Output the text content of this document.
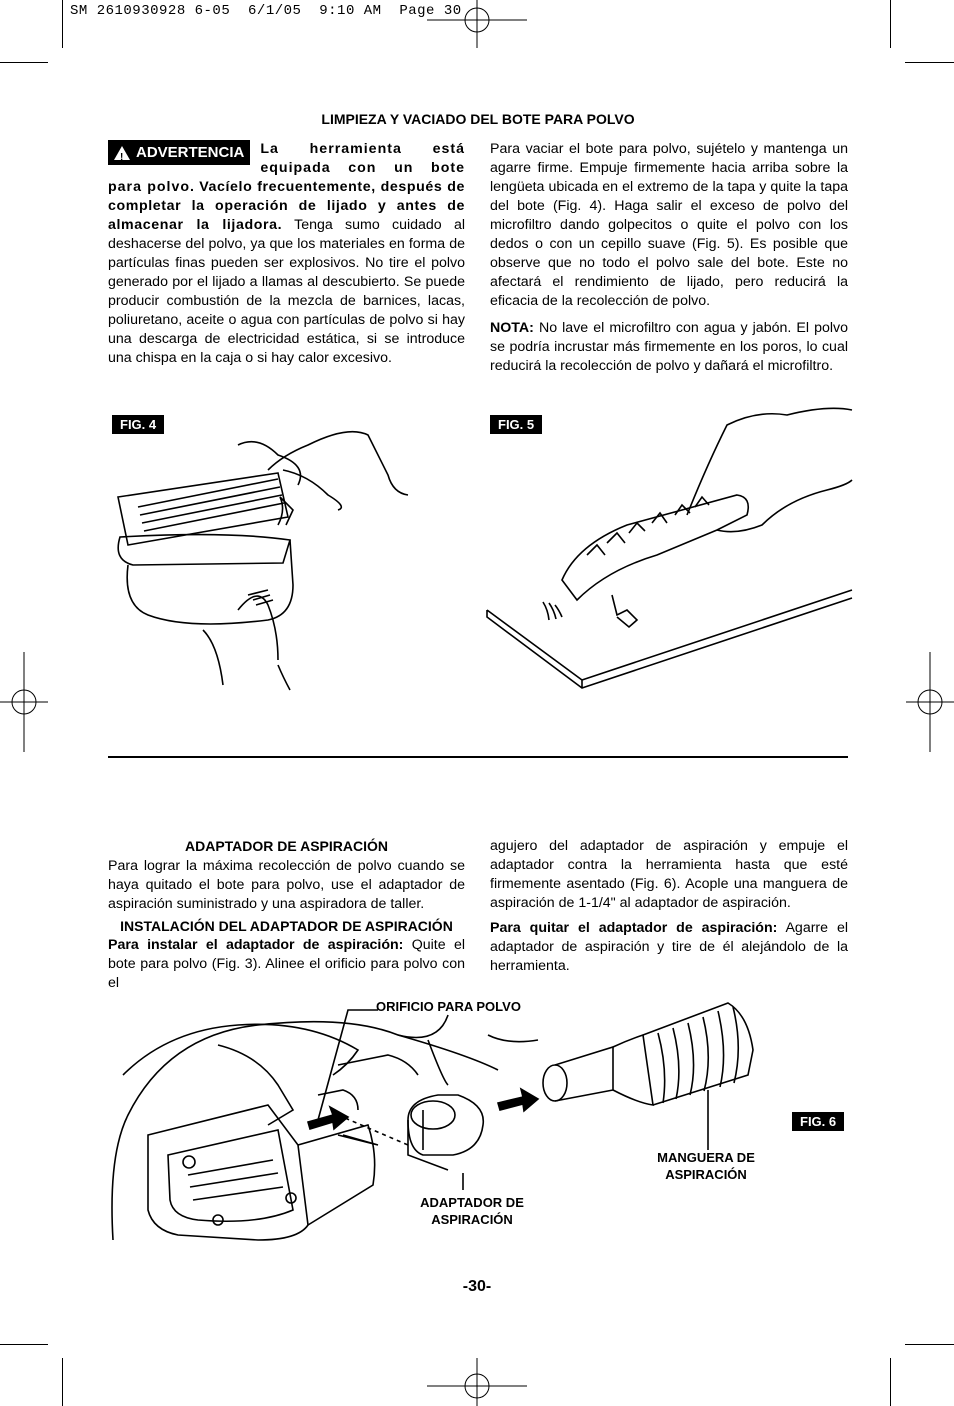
SM 2610930928 6-05  6/1/05  9:10 AM  Page 30
LIMPIEZA Y VACIADO DEL BOTE PARA POLVO
!
ADVERTENCIA La herramienta está equipada con un bote para polvo. Vacíelo frecuentemente, después de completar la operación de lijado y antes de almacenar la lijadora. Tenga sumo cuidado al deshacerse del polvo, ya que los materiales en forma de partículas finas pueden ser explosivos. No tire el polvo generado por el lijado a llamas al descubierto. Se puede producir combustión de la mezcla de barnices, lacas, poliuretano, aceite o agua con partículas de polvo si hay una descarga de electricidad estática, si se introduce una chispa en la caja o si hay calor excesivo.
Para vaciar el bote para polvo, sujételo y mantenga un agarre firme. Empuje firmemente hacia arriba sobre la lengüeta ubicada en el extremo de la tapa y quite la tapa del bote (Fig. 4). Haga salir el exceso de polvo del microfiltro dando golpecitos o quite el polvo con los dedos o con un cepillo suave (Fig. 5). Es posible que observe que no todo el polvo sale del bote. Este no afectará el rendimiento de lijado, pero reducirá la eficacia de la recolección de polvo.
NOTA: No lave el microfiltro con agua y jabón. El polvo se podría incrustar más firmemente en los poros, lo cual reducirá la recolección de polvo y dañará el microfiltro.
FIG. 4	FIG. 5
ADAPTADOR DE ASPIRACIÓN
Para lograr la máxima recolección de polvo cuando se haya quitado el bote para polvo, use el adaptador de aspiración suministrado y una aspiradora de taller.
INSTALACIÓN DEL ADAPTADOR DE ASPIRACIÓN
Para instalar el adaptador de aspiración: Quite el bote para polvo (Fig. 3). Alinee el orificio para polvo con el
agujero del adaptador de aspiración y empuje el adaptador contra la herramienta hasta que esté firmemente asentado (Fig. 6). Acople una manguera de aspiración de 1-1/4" al adaptador de aspiración.
Para quitar el adaptador de aspiración: Agarre el adaptador de aspiración y tire de él alejándolo de la herramienta.
ORIFICIO PARA POLVO
FIG. 6
MANGUERA DE
ASPIRACIÓN
ADAPTADOR DE
ASPIRACIÓN
-30-
